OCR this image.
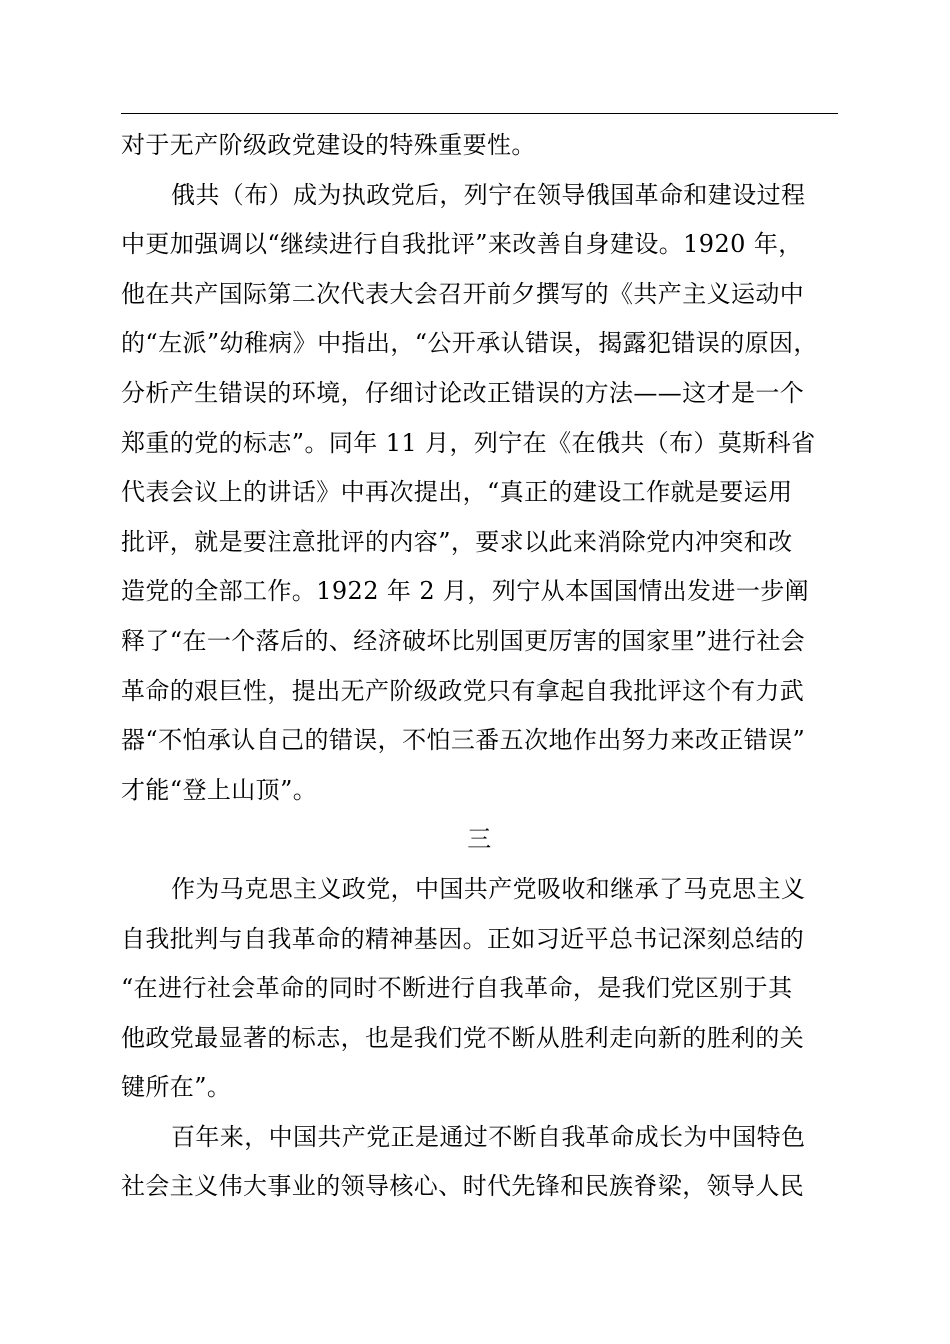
对于无产阶级政党建设的特殊重要性。

俄共（布）成为执政党后，列宁在领导俄国革命和建设过程
中更加强调以“继续进行自我批评”来改善自身建设。1920 年，
他在共产国际第二次代表大会召开前夕撰写的《共产主义运动中
的“左派”幼稚病》中指出，“公开承认错误，揭露犯错误的原因，
分析产生错误的环境，仔细讨论改正错误的方法——这才是一个
郑重的党的标志”。同年 11 月，列宁在《在俄共（布）莫斯科省
代表会议上的讲话》中再次提出，“真正的建设工作就是要运用
批评，就是要注意批评的内容”，要求以此来消除党内冲突和改
造党的全部工作。1922 年 2 月，列宁从本国国情出发进一步阐
释了“在一个落后的、经济破坏比别国更厉害的国家里”进行社会
革命的艰巨性，提出无产阶级政党只有拿起自我批评这个有力武
器“不怕承认自己的错误，不怕三番五次地作出努力来改正错误”
才能“登上山顶”。

三

作为马克思主义政党，中国共产党吸收和继承了马克思主义
自我批判与自我革命的精神基因。正如习近平总书记深刻总结的
“在进行社会革命的同时不断进行自我革命，是我们党区别于其
他政党最显著的标志，也是我们党不断从胜利走向新的胜利的关
键所在”。

百年来，中国共产党正是通过不断自我革命成长为中国特色
社会主义伟大事业的领导核心、时代先锋和民族脊梁，领导人民
